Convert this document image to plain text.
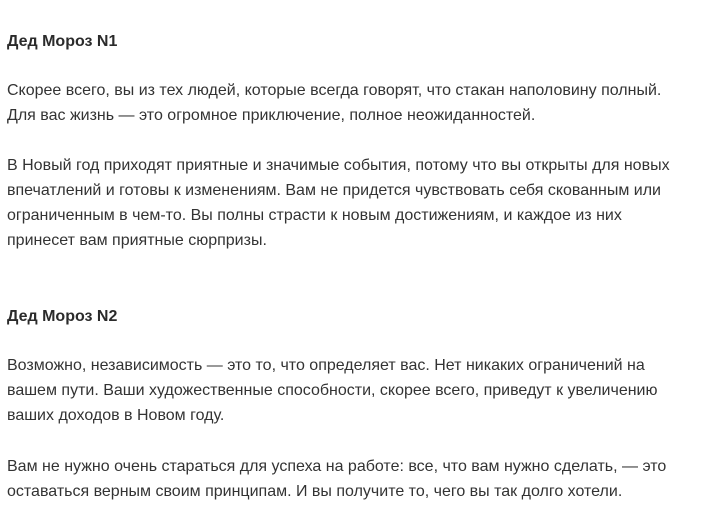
Дед Мороз N1

Скорее всего, вы из тех людей, которые всегда говорят, что стакан наполовину полный.
Для вас жизнь — это огромное приключение, полное неожиданностей.

В Новый год приходят приятные и значимые события, потому что вы открыты для новых
впечатлений и готовы к изменениям. Вам не придется чувствовать себя скованным или
ограниченным в чем-то. Вы полны страсти к новым достижениям, и каждое из них
принесет вам приятные сюрпризы.

Дед Мороз N2

Возможно, независимость — это то, что определяет вас. Нет никаких ограничений на
вашем пути. Ваши художественные способности, скорее всего, приведут к увеличению
ваших доходов в Новом году.

Вам не нужно очень стараться для успеха на работе: все, что вам нужно сделать, — это
оставаться верным своим принципам. И вы получите то, чего вы так долго хотели.
